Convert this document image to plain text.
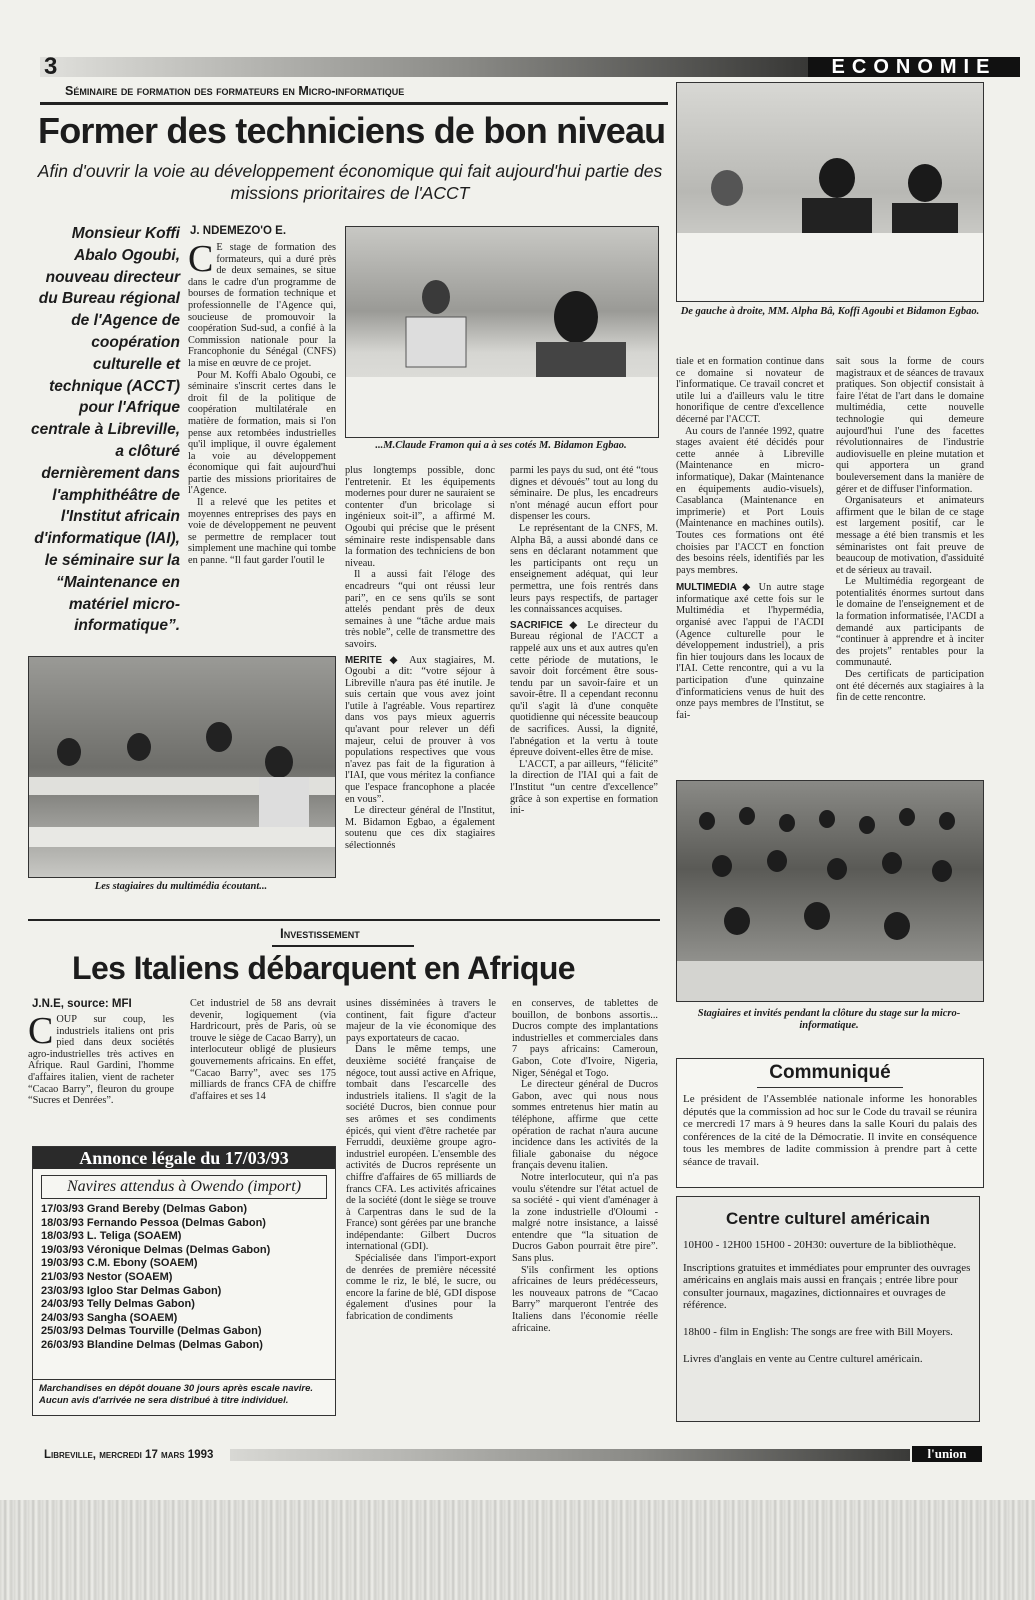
3	ECONOMIE
Séminaire de formation des formateurs en Micro-informatique
Former des techniciens de bon niveau
Afin d'ouvrir la voie au développement économique qui fait aujourd'hui partie des missions prioritaires de l'ACCT
Monsieur Koffi Abalo Ogoubi, nouveau directeur du Bureau régional de l'Agence de coopération culturelle et technique (ACCT) pour l'Afrique centrale à Libreville, a clôturé dernièrement dans l'amphithéâtre de l'Institut africain d'informatique (IAI), le séminaire sur la “Maintenance en matériel micro-informatique”.
J. NDEMEZO'O E.
C E stage de formation des formateurs, qui a duré près de deux semaines, se situe dans le cadre d'un programme de bourses de formation technique et professionnelle de l'Agence qui, soucieuse de promouvoir la coopération Sud-sud, a confié à la Commission nationale pour la Francophonie du Sénégal (CNFS) la mise en œuvre de ce projet.

Pour M. Koffi Abalo Ogoubi, ce séminaire s'inscrit certes dans le droit fil de la politique de coopération multilatérale en matière de formation, mais si l'on pense aux retombées industrielles qu'il implique, il ouvre également la voie au développement économique qui fait aujourd'hui partie des missions prioritaires de l'Agence.

Il a relevé que les petites et moyennes entreprises des pays en voie de développement ne peuvent se permettre de remplacer tout simplement une machine qui tombe en panne. “Il faut garder l'outil le

...M.Claude Framon qui a à ses cotés M. Bidamon Egbao.
De gauche à droite, MM. Alpha Bâ, Koffi Agoubi et Bidamon Egbao.

plus longtemps possible, donc l'entretenir. Et les équipements modernes pour durer ne sauraient se contenter d'un bricolage si ingénieux soit-il”, a affirmé M. Ogoubi qui précise que le présent séminaire reste indispensable dans la formation des techniciens de bon niveau.

Il a aussi fait l'éloge des encadreurs “qui ont réussi leur pari”, en ce sens qu'ils se sont attelés pendant près de deux semaines à une “tâche ardue mais très noble”, celle de transmettre des savoirs.

MERITE ◆ Aux stagiaires, M. Ogoubi a dit: “votre séjour à Libreville n'aura pas été inutile. Je suis certain que vous avez joint l'utile à l'agréable. Vous repartirez dans vos pays mieux aguerris qu'avant pour relever un défi majeur, celui de prouver à vos populations respectives que vous n'avez pas fait de la figuration à l'IAI, que vous méritez la confiance que l'espace francophone a placée en vous”.

Le directeur général de l'Institut, M. Bidamon Egbao, a également soutenu que ces dix stagiaires sélectionnés

parmi les pays du sud, ont été “tous dignes et dévoués” tout au long du séminaire. De plus, les encadreurs n'ont ménagé aucun effort pour dispenser les cours.

Le représentant de la CNFS, M. Alpha Bâ, a aussi abondé dans ce sens en déclarant notamment que les participants ont reçu un enseignement adéquat, qui leur permettra, une fois rentrés dans leurs pays respectifs, de partager les connaissances acquises.

SACRIFICE ◆ Le directeur du Bureau régional de l'ACCT a rappelé aux uns et aux autres qu'en cette période de mutations, le savoir doit forcément être sous-tendu par un savoir-faire et un savoir-être. Il a cependant reconnu qu'il s'agit là d'une conquête quotidienne qui nécessite beaucoup de sacrifices. Aussi, la dignité, l'abnégation et la vertu à toute épreuve doivent-elles être de mise.

L'ACCT, a par ailleurs, “félicité” la direction de l'IAI qui a fait de l'Institut “un centre d'excellence” grâce à son expertise en formation ini-

tiale et en formation continue dans ce domaine si novateur de l'informatique. Ce travail concret et utile lui a d'ailleurs valu le titre honorifique de centre d'excellence décerné par l'ACCT.

Au cours de l'année 1992, quatre stages avaient été décidés pour cette année à Libreville (Maintenance en micro-informatique), Dakar (Maintenance en équipements audio-visuels), Casablanca (Maintenance en imprimerie) et Port Louis (Maintenance en machines outils). Toutes ces formations ont été choisies par l'ACCT en fonction des besoins réels, identifiés par les pays membres.

MULTIMEDIA ◆ Un autre stage informatique axé cette fois sur le Multimédia et l'hypermédia, organisé avec l'appui de l'ACDI (Agence culturelle pour le développement industriel), a pris fin hier toujours dans les locaux de l'IAI. Cette rencontre, qui a vu la participation d'une quinzaine d'informaticiens venus de huit des onze pays membres de l'Institut, se fai-

sait sous la forme de cours magistraux et de séances de travaux pratiques. Son objectif consistait à faire l'état de l'art dans le domaine multimédia, cette nouvelle technologie qui demeure aujourd'hui l'une des facettes révolutionnaires de l'industrie audiovisuelle en pleine mutation et qui apportera un grand bouleversement dans la manière de gérer et de diffuser l'information.

Organisateurs et animateurs affirment que le bilan de ce stage est largement positif, car le message a été bien transmis et les séminaristes ont fait preuve de beaucoup de motivation, d'assiduité et de sérieux au travail.

Le Multimédia regorgeant de potentialités énormes surtout dans le domaine de l'enseignement et de la formation informatisée, l'ACDI a demandé aux participants de “continuer à apprendre et à inciter des projets” rentables pour la communauté.

Des certificats de participation ont été décernés aux stagiaires à la fin de cette rencontre.

Les stagiaires du multimédia écoutant...
Stagiaires et invités pendant la clôture du stage sur la micro-informatique.
Investissement
Les Italiens débarquent en Afrique
J.N.E, source: MFI
C OUP sur coup, les industriels italiens ont pris pied dans deux sociétés agro-industrielles très actives en Afrique. Raul Gardini, l'homme d'affaires italien, vient de racheter “Cacao Barry”, fleuron du groupe “Sucres et Denrées”.

Cet industriel de 58 ans devrait devenir, logiquement (via Hardricourt, près de Paris, où se trouve le siège de Cacao Barry), un interlocuteur obligé de plusieurs gouvernements africains. En effet, “Cacao Barry”, avec ses 175 milliards de francs CFA de chiffre d'affaires et ses 14

usines disséminées à travers le continent, fait figure d'acteur majeur de la vie économique des pays exportateurs de cacao.

Dans le même temps, une deuxième société française de négoce, tout aussi active en Afrique, tombait dans l'escarcelle des industriels italiens. Il s'agit de la société Ducros, bien connue pour ses arômes et ses condiments épicés, qui vient d'être rachetée par Ferruddi, deuxième groupe agro-industriel européen. L'ensemble des activités de Ducros représente un chiffre d'affaires de 65 milliards de francs CFA. Les activités africaines de la société (dont le siège se trouve à Carpentras dans le sud de la France) sont gérées par une branche indépendante: Gilbert Ducros international (GDI).

Spécialisée dans l'import-export de denrées de première nécessité comme le riz, le blé, le sucre, ou encore la farine de blé, GDI dispose également d'usines pour la fabrication de condiments

en conserves, de tablettes de bouillon, de bonbons assortis... Ducros compte des implantations industrielles et commerciales dans 7 pays africains: Cameroun, Gabon, Cote d'Ivoire, Nigeria, Niger, Sénégal et Togo.

Le directeur général de Ducros Gabon, avec qui nous nous sommes entretenus hier matin au téléphone, affirme que cette opération de rachat n'aura aucune incidence dans les activités de la filiale gabonaise du négoce français devenu italien.

Notre interlocuteur, qui n'a pas voulu s'étendre sur l'état actuel de sa société - qui vient d'aménager à la zone industrielle d'Oloumi - malgré notre insistance, a laissé entendre que “la situation de Ducros Gabon pourrait être pire”. Sans plus.

S'ils confirment les options africaines de leurs prédécesseurs, les nouveaux patrons de “Cacao Barry” marqueront l'entrée des Italiens dans l'économie réelle africaine.

Annonce légale du 17/03/93
Navires attendus à Owendo (import)
17/03/93 Grand Bereby (Delmas Gabon)
18/03/93 Fernando Pessoa (Delmas Gabon)
18/03/93 L. Teliga (SOAEM)
19/03/93 Véronique Delmas (Delmas Gabon)
19/03/93 C.M. Ebony (SOAEM)
21/03/93 Nestor (SOAEM)
23/03/93 Igloo Star Delmas Gabon)
24/03/93 Telly Delmas Gabon)
24/03/93 Sangha (SOAEM)
25/03/93 Delmas Tourville (Delmas Gabon)
26/03/93 Blandine Delmas (Delmas Gabon)
Marchandises en dépôt douane 30 jours après escale navire.
Aucun avis d'arrivée ne sera distribué à titre individuel.
Communiqué
Le président de l'Assemblée nationale informe les honorables députés que la commission ad hoc sur le Code du travail se réunira ce mercredi 17 mars à 9 heures dans la salle Kouri du palais des conférences de la cité de la Démocratie. Il invite en conséquence tous les membres de ladite commission à prendre part à cette séance de travail.
Centre culturel américain
10H00 - 12H00 15H00 - 20H30: ouverture de la bibliothèque.
Inscriptions gratuites et immédiates pour emprunter des ouvrages américains en anglais mais aussi en français ; entrée libre pour consulter journaux, magazines, dictionnaires et ouvrages de référence.
18h00 - film in English: The songs are free with Bill Moyers.
Livres d'anglais en vente au Centre culturel américain.
Libreville, mercredi 17 mars 1993	l'union
